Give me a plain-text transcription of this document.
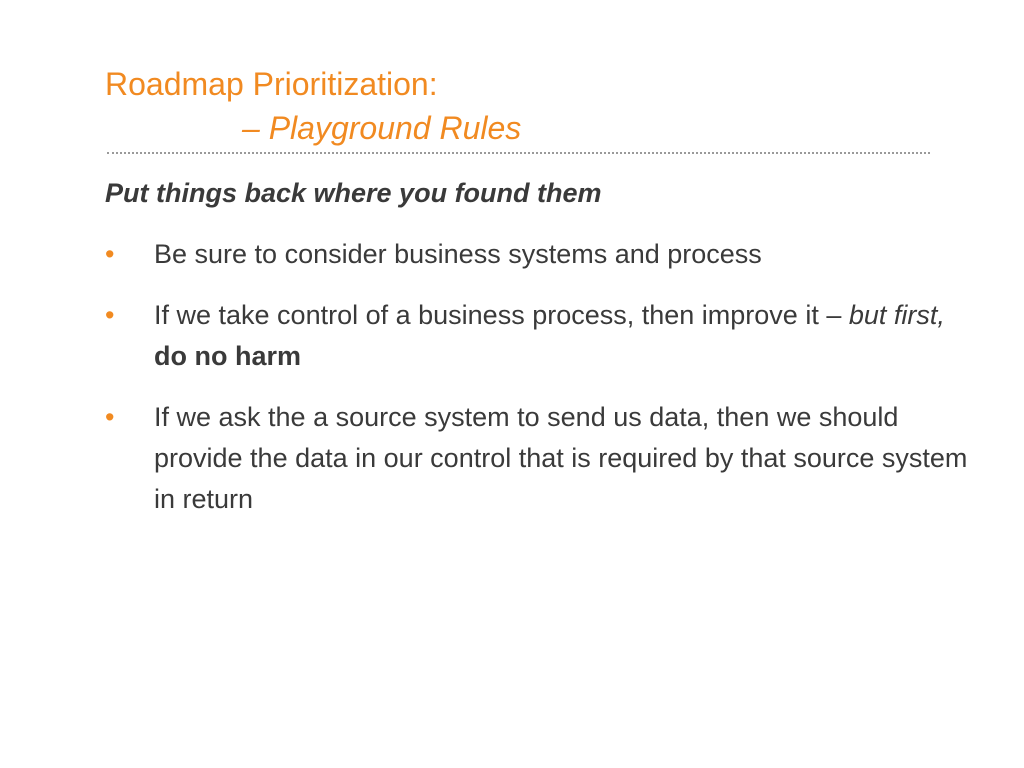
Roadmap Prioritization:
– Playground Rules
Put things back where you found them
• Be sure to consider business systems and process
• If we take control of a business process, then improve it – but first, do no harm
• If we ask the a source system to send us data, then we should provide the data in our control that is required by that source system in return
